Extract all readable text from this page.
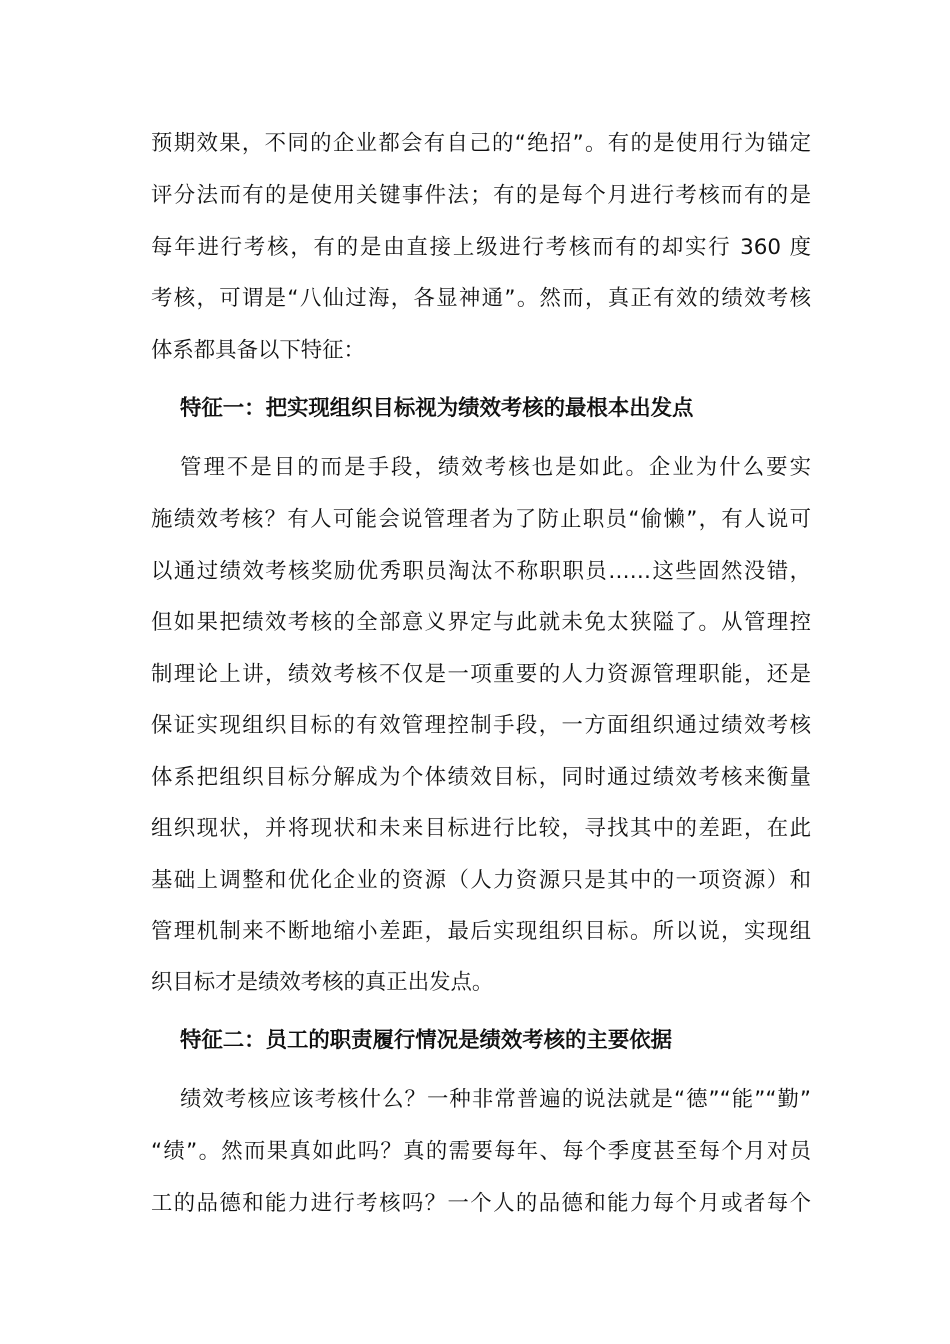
预期效果，不同的企业都会有自己的“绝招”。有的是使用行为锚定
评分法而有的是使用关键事件法；有的是每个月进行考核而有的是
每年进行考核，有的是由直接上级进行考核而有的却实行 360 度
考核，可谓是“八仙过海，各显神通”。然而，真正有效的绩效考核
体系都具备以下特征：
特征一：把实现组织目标视为绩效考核的最根本出发点
管理不是目的而是手段，绩效考核也是如此。企业为什么要实
施绩效考核？有人可能会说管理者为了防止职员“偷懒”，有人说可
以通过绩效考核奖励优秀职员淘汰不称职职员……这些固然没错，
但如果把绩效考核的全部意义界定与此就未免太狭隘了。从管理控
制理论上讲，绩效考核不仅是一项重要的人力资源管理职能，还是
保证实现组织目标的有效管理控制手段，一方面组织通过绩效考核
体系把组织目标分解成为个体绩效目标，同时通过绩效考核来衡量
组织现状，并将现状和未来目标进行比较，寻找其中的差距，在此
基础上调整和优化企业的资源（人力资源只是其中的一项资源）和
管理机制来不断地缩小差距，最后实现组织目标。所以说，实现组
织目标才是绩效考核的真正出发点。
特征二：员工的职责履行情况是绩效考核的主要依据
绩效考核应该考核什么？一种非常普遍的说法就是“德”“能”“勤”
“绩”。然而果真如此吗？真的需要每年、每个季度甚至每个月对员
工的品德和能力进行考核吗？一个人的品德和能力每个月或者每个
